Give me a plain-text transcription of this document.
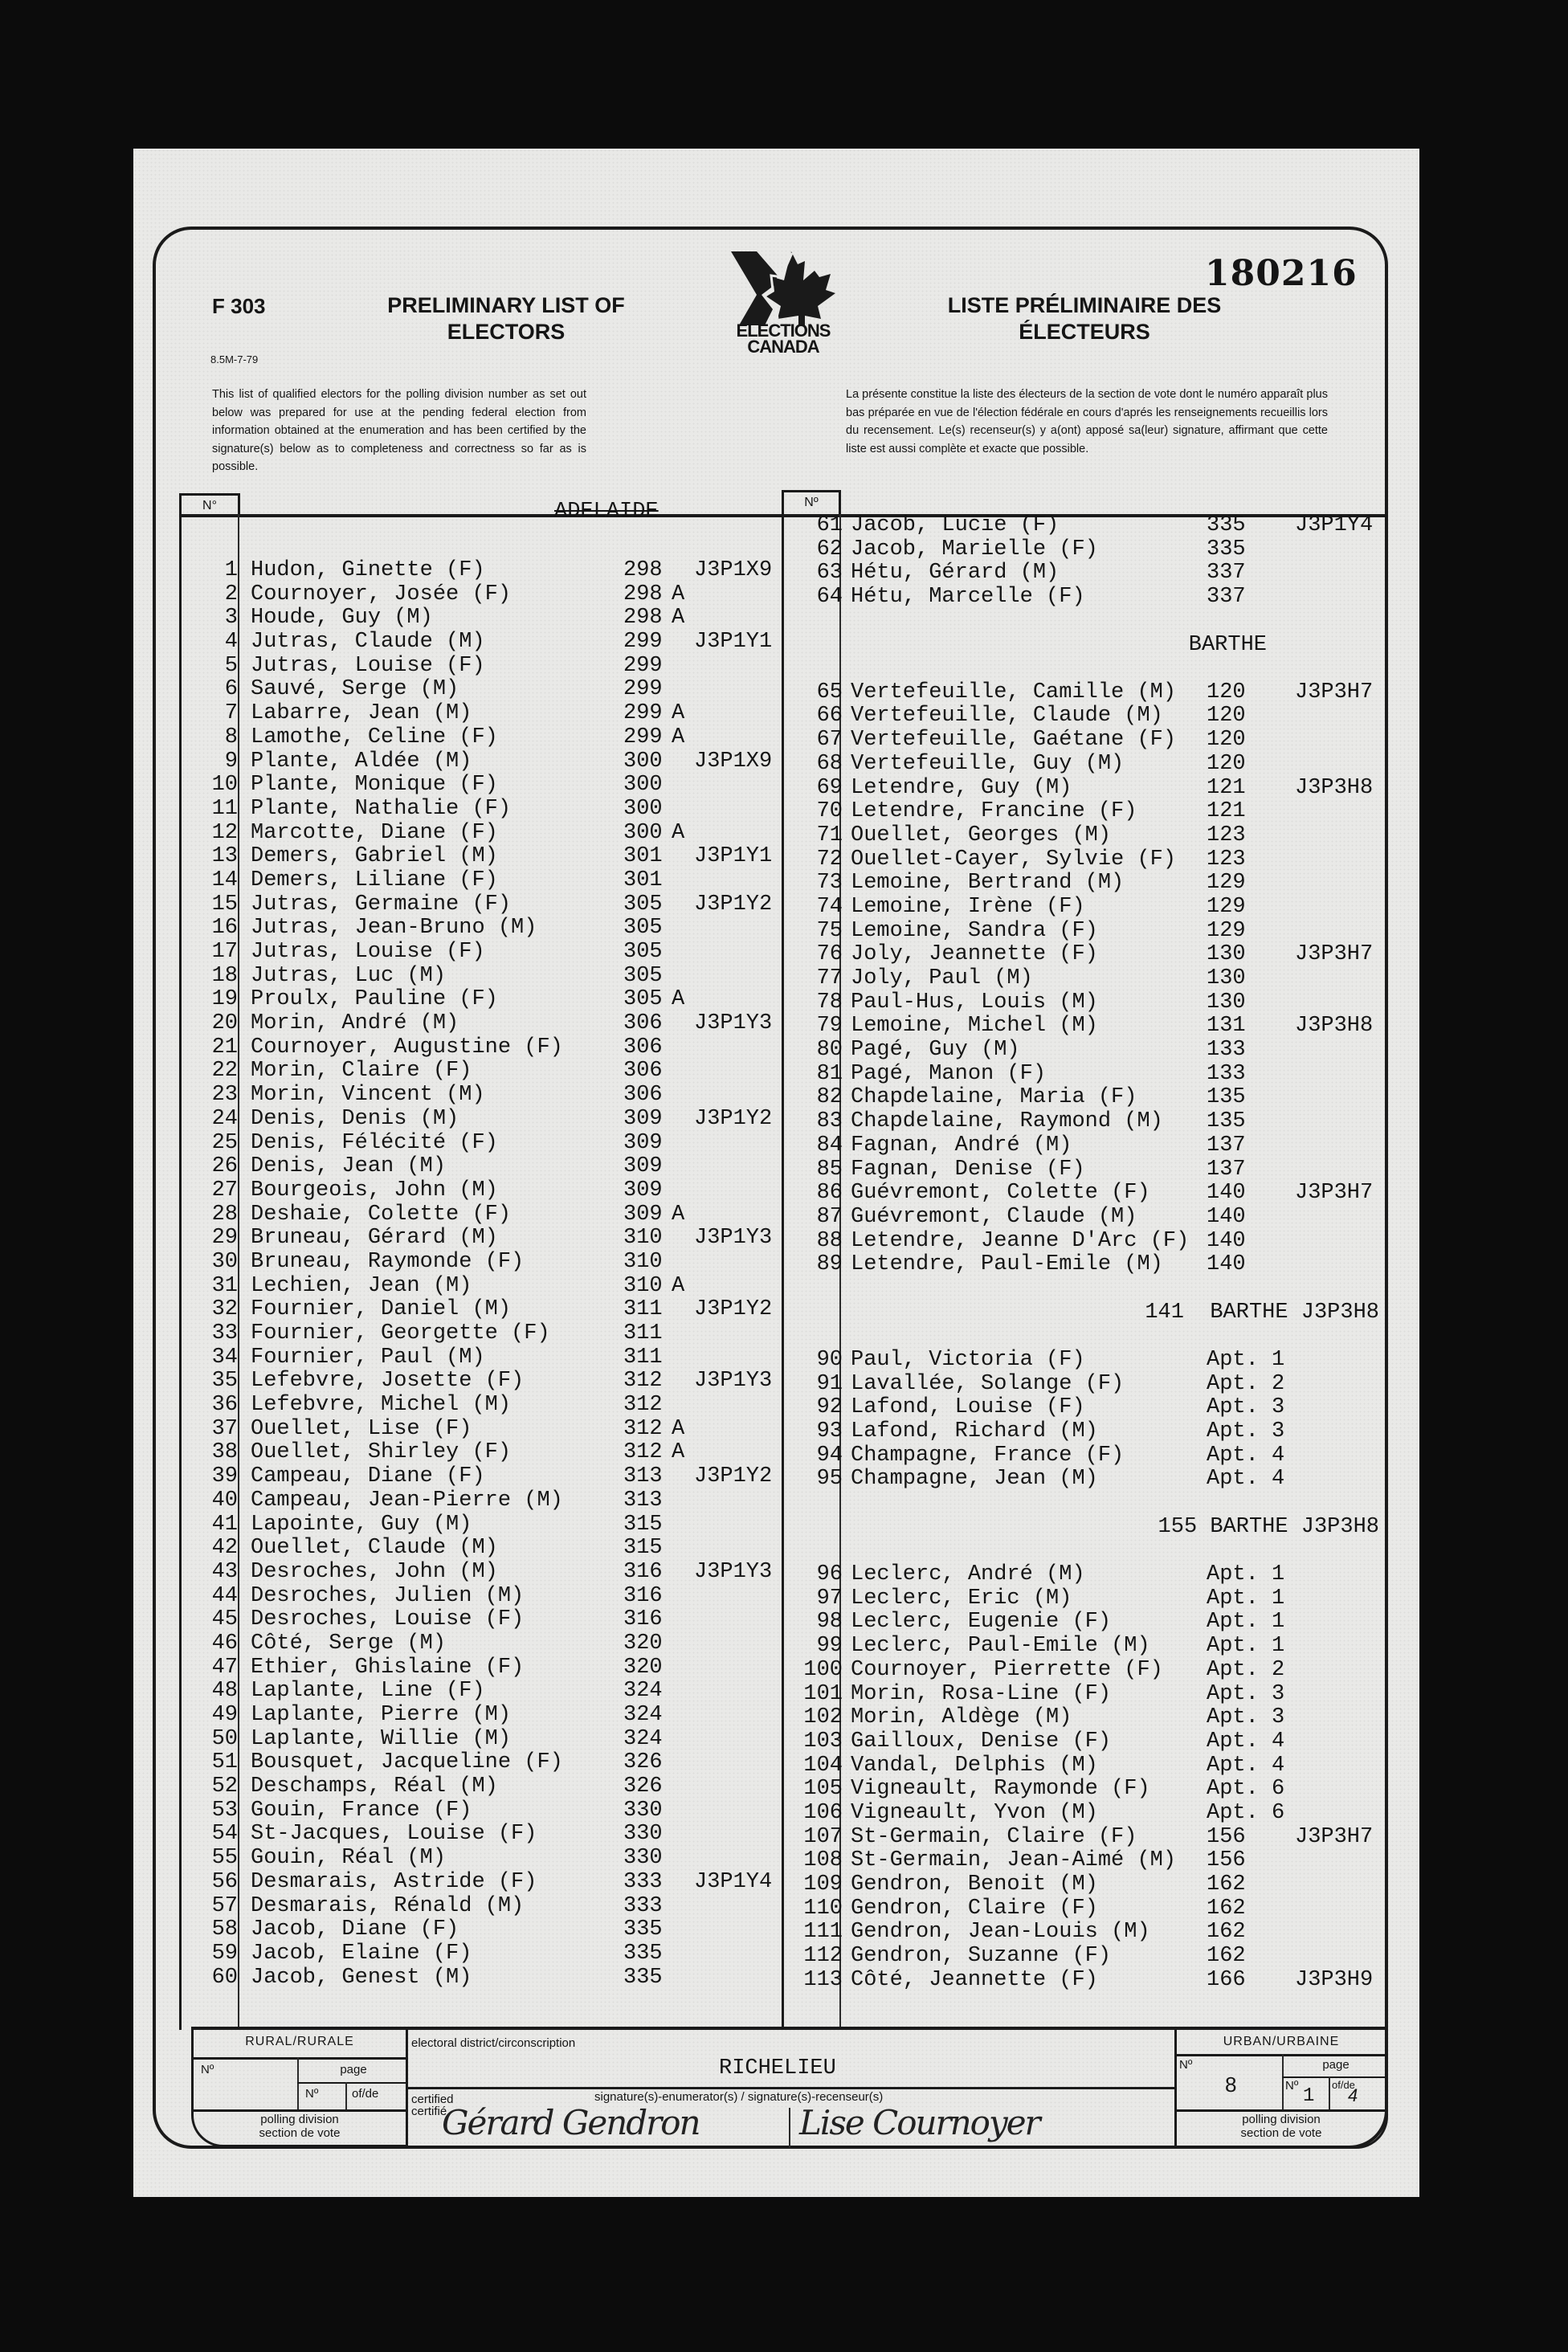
F 303
8.5M-7-79
PRELIMINARY LIST OF ELECTORS
LISTE PRÉLIMINAIRE DES ÉLECTEURS
180216
ELECTIONS
CANADA
This list of qualified electors for the polling division number as set out below was prepared for use at the pending federal election from information obtained at the enumeration and has been certified by the signature(s) below as to completeness and correctness so far as is possible.
La présente constitue la liste des électeurs de la section de vote dont le numéro apparaît plus bas préparée en vue de l'élection fédérale en cours d'aprés les renseignements recueillis lors du recensement. Le(s) recenseur(s) y a(ont) apposé sa(leur) signature, affirmant que cette liste est aussi complète et exacte que possible.
N°	Nº
ADELAIDE
1 Hudon, Ginette (F)	298 J3P1X9
2 Cournoyer, Josée (F)	298 A
3 Houde, Guy (M)	298 A
4 Jutras, Claude (M)	299 J3P1Y1
5 Jutras, Louise (F)	299
6 Sauvé, Serge (M)	299
7 Labarre, Jean (M)	299 A
8 Lamothe, Celine (F)	299 A
9 Plante, Aldée (M)	300 J3P1X9
10 Plante, Monique (F)	300
11 Plante, Nathalie (F)	300
12 Marcotte, Diane (F)	300 A
13 Demers, Gabriel (M)	301 J3P1Y1
14 Demers, Liliane (F)	301
15 Jutras, Germaine (F)	305 J3P1Y2
16 Jutras, Jean-Bruno (M)	305
17 Jutras, Louise (F)	305
18 Jutras, Luc (M)	305
19 Proulx, Pauline (F)	305 A
20 Morin, André (M)	306 J3P1Y3
21 Cournoyer, Augustine (F)	306
22 Morin, Claire (F)	306
23 Morin, Vincent (M)	306
24 Denis, Denis (M)	309 J3P1Y2
25 Denis, Félécité (F)	309
26 Denis, Jean (M)	309
27 Bourgeois, John (M)	309
28 Deshaie, Colette (F)	309 A
29 Bruneau, Gérard (M)	310 J3P1Y3
30 Bruneau, Raymonde (F)	310
31 Lechien, Jean (M)	310 A
32 Fournier, Daniel (M)	311 J3P1Y2
33 Fournier, Georgette (F)	311
34 Fournier, Paul (M)	311
35 Lefebvre, Josette (F)	312 J3P1Y3
36 Lefebvre, Michel (M)	312
37 Ouellet, Lise (F)	312 A
38 Ouellet, Shirley (F)	312 A
39 Campeau, Diane (F)	313 J3P1Y2
40 Campeau, Jean-Pierre (M)	313
41 Lapointe, Guy (M)	315
42 Ouellet, Claude (M)	315
43 Desroches, John (M)	316 J3P1Y3
44 Desroches, Julien (M)	316
45 Desroches, Louise (F)	316
46 Côté, Serge (M)	320
47 Ethier, Ghislaine (F)	320
48 Laplante, Line (F)	324
49 Laplante, Pierre (M)	324
50 Laplante, Willie (M)	324
51 Bousquet, Jacqueline (F)	326
52 Deschamps, Réal (M)	326
53 Gouin, France (F)	330
54 St-Jacques, Louise (F)	330
55 Gouin, Réal (M)	330
56 Desmarais, Astride (F)	333 J3P1Y4
57 Desmarais, Rénald (M)	333
58 Jacob, Diane (F)	335
59 Jacob, Elaine (F)	335
60 Jacob, Genest (M)	335
61 Jacob, Lucie (F)	335 J3P1Y4
62 Jacob, Marielle (F)	335
63 Hétu, Gérard (M)	337
64 Hétu, Marcelle (F)	337
BARTHE
65 Vertefeuille, Camille (M) 120 J3P3H7
66 Vertefeuille, Claude (M) 120
67 Vertefeuille, Gaétane (F) 120
68 Vertefeuille, Guy (M)	120
69 Letendre, Guy (M)	121 J3P3H8
70 Letendre, Francine (F)	121
71 Ouellet, Georges (M)	123
72 Ouellet-Cayer, Sylvie (F) 123
73 Lemoine, Bertrand (M)	129
74 Lemoine, Irène (F)	129
75 Lemoine, Sandra (F)	129
76 Joly, Jeannette (F)	130 J3P3H7
77 Joly, Paul (M)	130
78 Paul-Hus, Louis (M)	130
79 Lemoine, Michel (M)	131 J3P3H8
80 Pagé, Guy (M)	133
81 Pagé, Manon (F)	133
82 Chapdelaine, Maria (F)	135
83 Chapdelaine, Raymond (M) 135
84 Fagnan, André (M)	137
85 Fagnan, Denise (F)	137
86 Guévremont, Colette (F)	140 J3P3H7
87 Guévremont, Claude (M)	140
88 Letendre, Jeanne D'Arc (F) 140
89 Letendre, Paul-Emile (M) 140
141  BARTHE J3P3H8
90 Paul, Victoria (F)	Apt. 1
91 Lavallée, Solange (F)	Apt. 2
92 Lafond, Louise (F)	Apt. 3
93 Lafond, Richard (M)	Apt. 3
94 Champagne, France (F)	Apt. 4
95 Champagne, Jean (M)	Apt. 4
155 BARTHE J3P3H8
96 Leclerc, André (M)	Apt. 1
97 Leclerc, Eric (M)	Apt. 1
98 Leclerc, Eugenie (F)	Apt. 1
99 Leclerc, Paul-Emile (M)	Apt. 1
100 Cournoyer, Pierrette (F) Apt. 2
101 Morin, Rosa-Line (F)	Apt. 3
102 Morin, Aldège (M)	Apt. 3
103 Gailloux, Denise (F)	Apt. 4
104 Vandal, Delphis (M)	Apt. 4
105 Vigneault, Raymonde (F)	Apt. 6
106 Vigneault, Yvon (M)	Apt. 6
107 St-Germain, Claire (F)	156 J3P3H7
108 St-Germain, Jean-Aimé (M) 156
109 Gendron, Benoit (M)	162
110 Gendron, Claire (F)	162
111 Gendron, Jean-Louis (M)	162
112 Gendron, Suzanne (F)	162
113 Côté, Jeannette (F)	166 J3P3H9
RURAL/RURALE
Nº	page
Nº	of/de
polling division
section de vote
electoral district/circonscription
RICHELIEU
certified
certifié
signature(s)-enumerator(s) / signature(s)-recenseur(s)
Gérard Gendron	Lise Cournoyer
URBAN/URBAINE
Nº
8
page
Nº 1
of/de
4
polling division
section de vote
